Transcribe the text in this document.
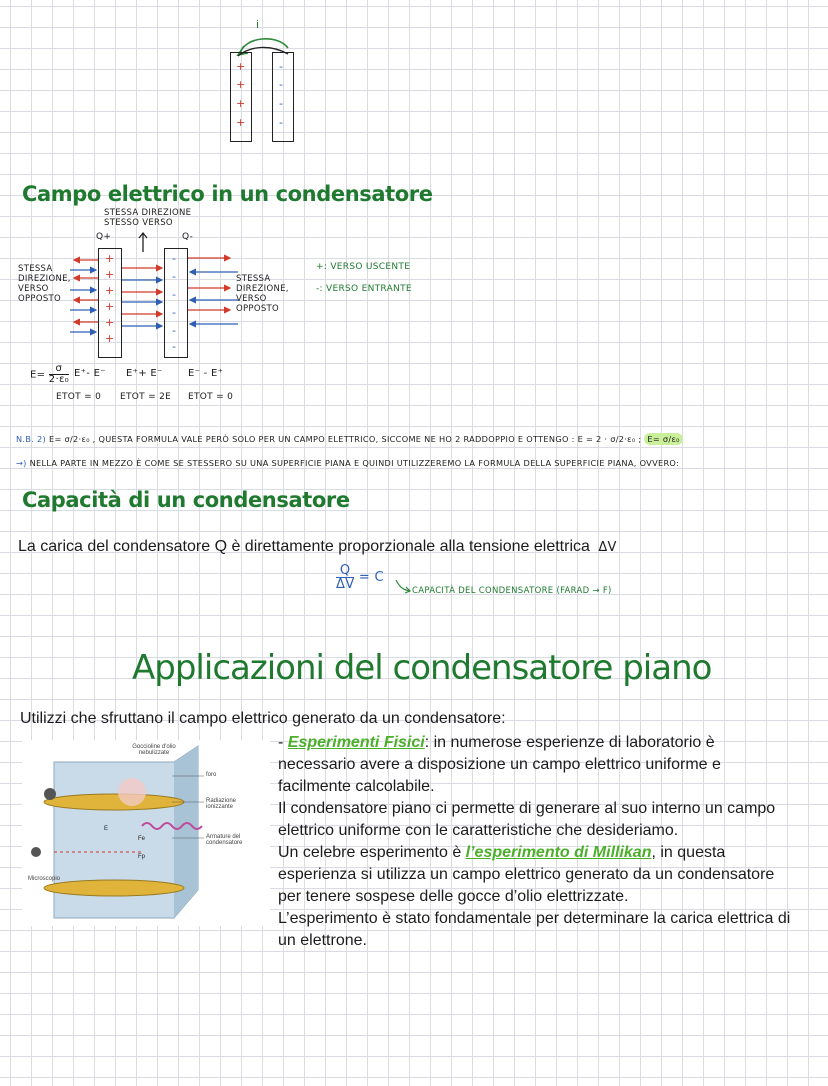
i
+
+
+
+
-
-
-
-
Campo elettrico in un condensatore
STESSA DIREZIONE
STESSO VERSO
Q+	Q-
STESSA
DIREZIONE,
VERSO
OPPOSTO
STESSA
DIREZIONE,
VERSO
OPPOSTO
+
+
+
+
+
+
-
-
-
-
-
-
+: VERSO USCENTE
-: VERSO ENTRANTE
$E= \frac{\sigma}{\text{2·ε₀}} E^+-$ E⁻ E⁺+ E⁻	E⁻ - E⁺
ETOT = 0 ETOT = 2E ETOT = 0
N.B. 2) E= σ/2·ε₀ , QUESTA FORMULA VALE PERÒ SOLO PER UN CAMPO ELETTRICO, SICCOME NE HO 2 RADDOPPIO E OTTENGO : E = 2 · σ/2·ε₀ ; E= σ/ε₀
→) NELLA PARTE IN MEZZO È COME SE STESSERO SU UNA SUPERFICIE PIANA E QUINDI UTILIZZEREMO LA FORMULA DELLA SUPERFICIE PIANA, OVVERO:
Capacità di un condensatore
La carica del condensatore Q è direttamente proporzionale alla tensione elettrica ΔV
$\frac{Q}{\Delta V} = C$
CAPACITÀ DEL CONDENSATORE (FARAD → F)
Applicazioni del condensatore piano
Utilizzi che sfruttano il campo elettrico generato da un condensatore:
Goccioline d'olio nebulizzate
foro
Radiazione ionizzante
Armature del condensatore
Microscopio
E
Fe
Fp
- Esperimenti Fisici: in numerose esperienze di laboratorio è necessario avere a disposizione un campo elettrico uniforme e facilmente calcolabile.
Il condensatore piano ci permette di generare al suo interno un campo elettrico uniforme con le caratteristiche che desideriamo.
Un celebre esperimento è l’esperimento di Millikan, in questa esperienza si utilizza un campo elettrico generato da un condensatore per tenere sospese delle gocce d’olio elettrizzate.
L’esperimento è stato fondamentale per determinare la carica elettrica di un elettrone.
